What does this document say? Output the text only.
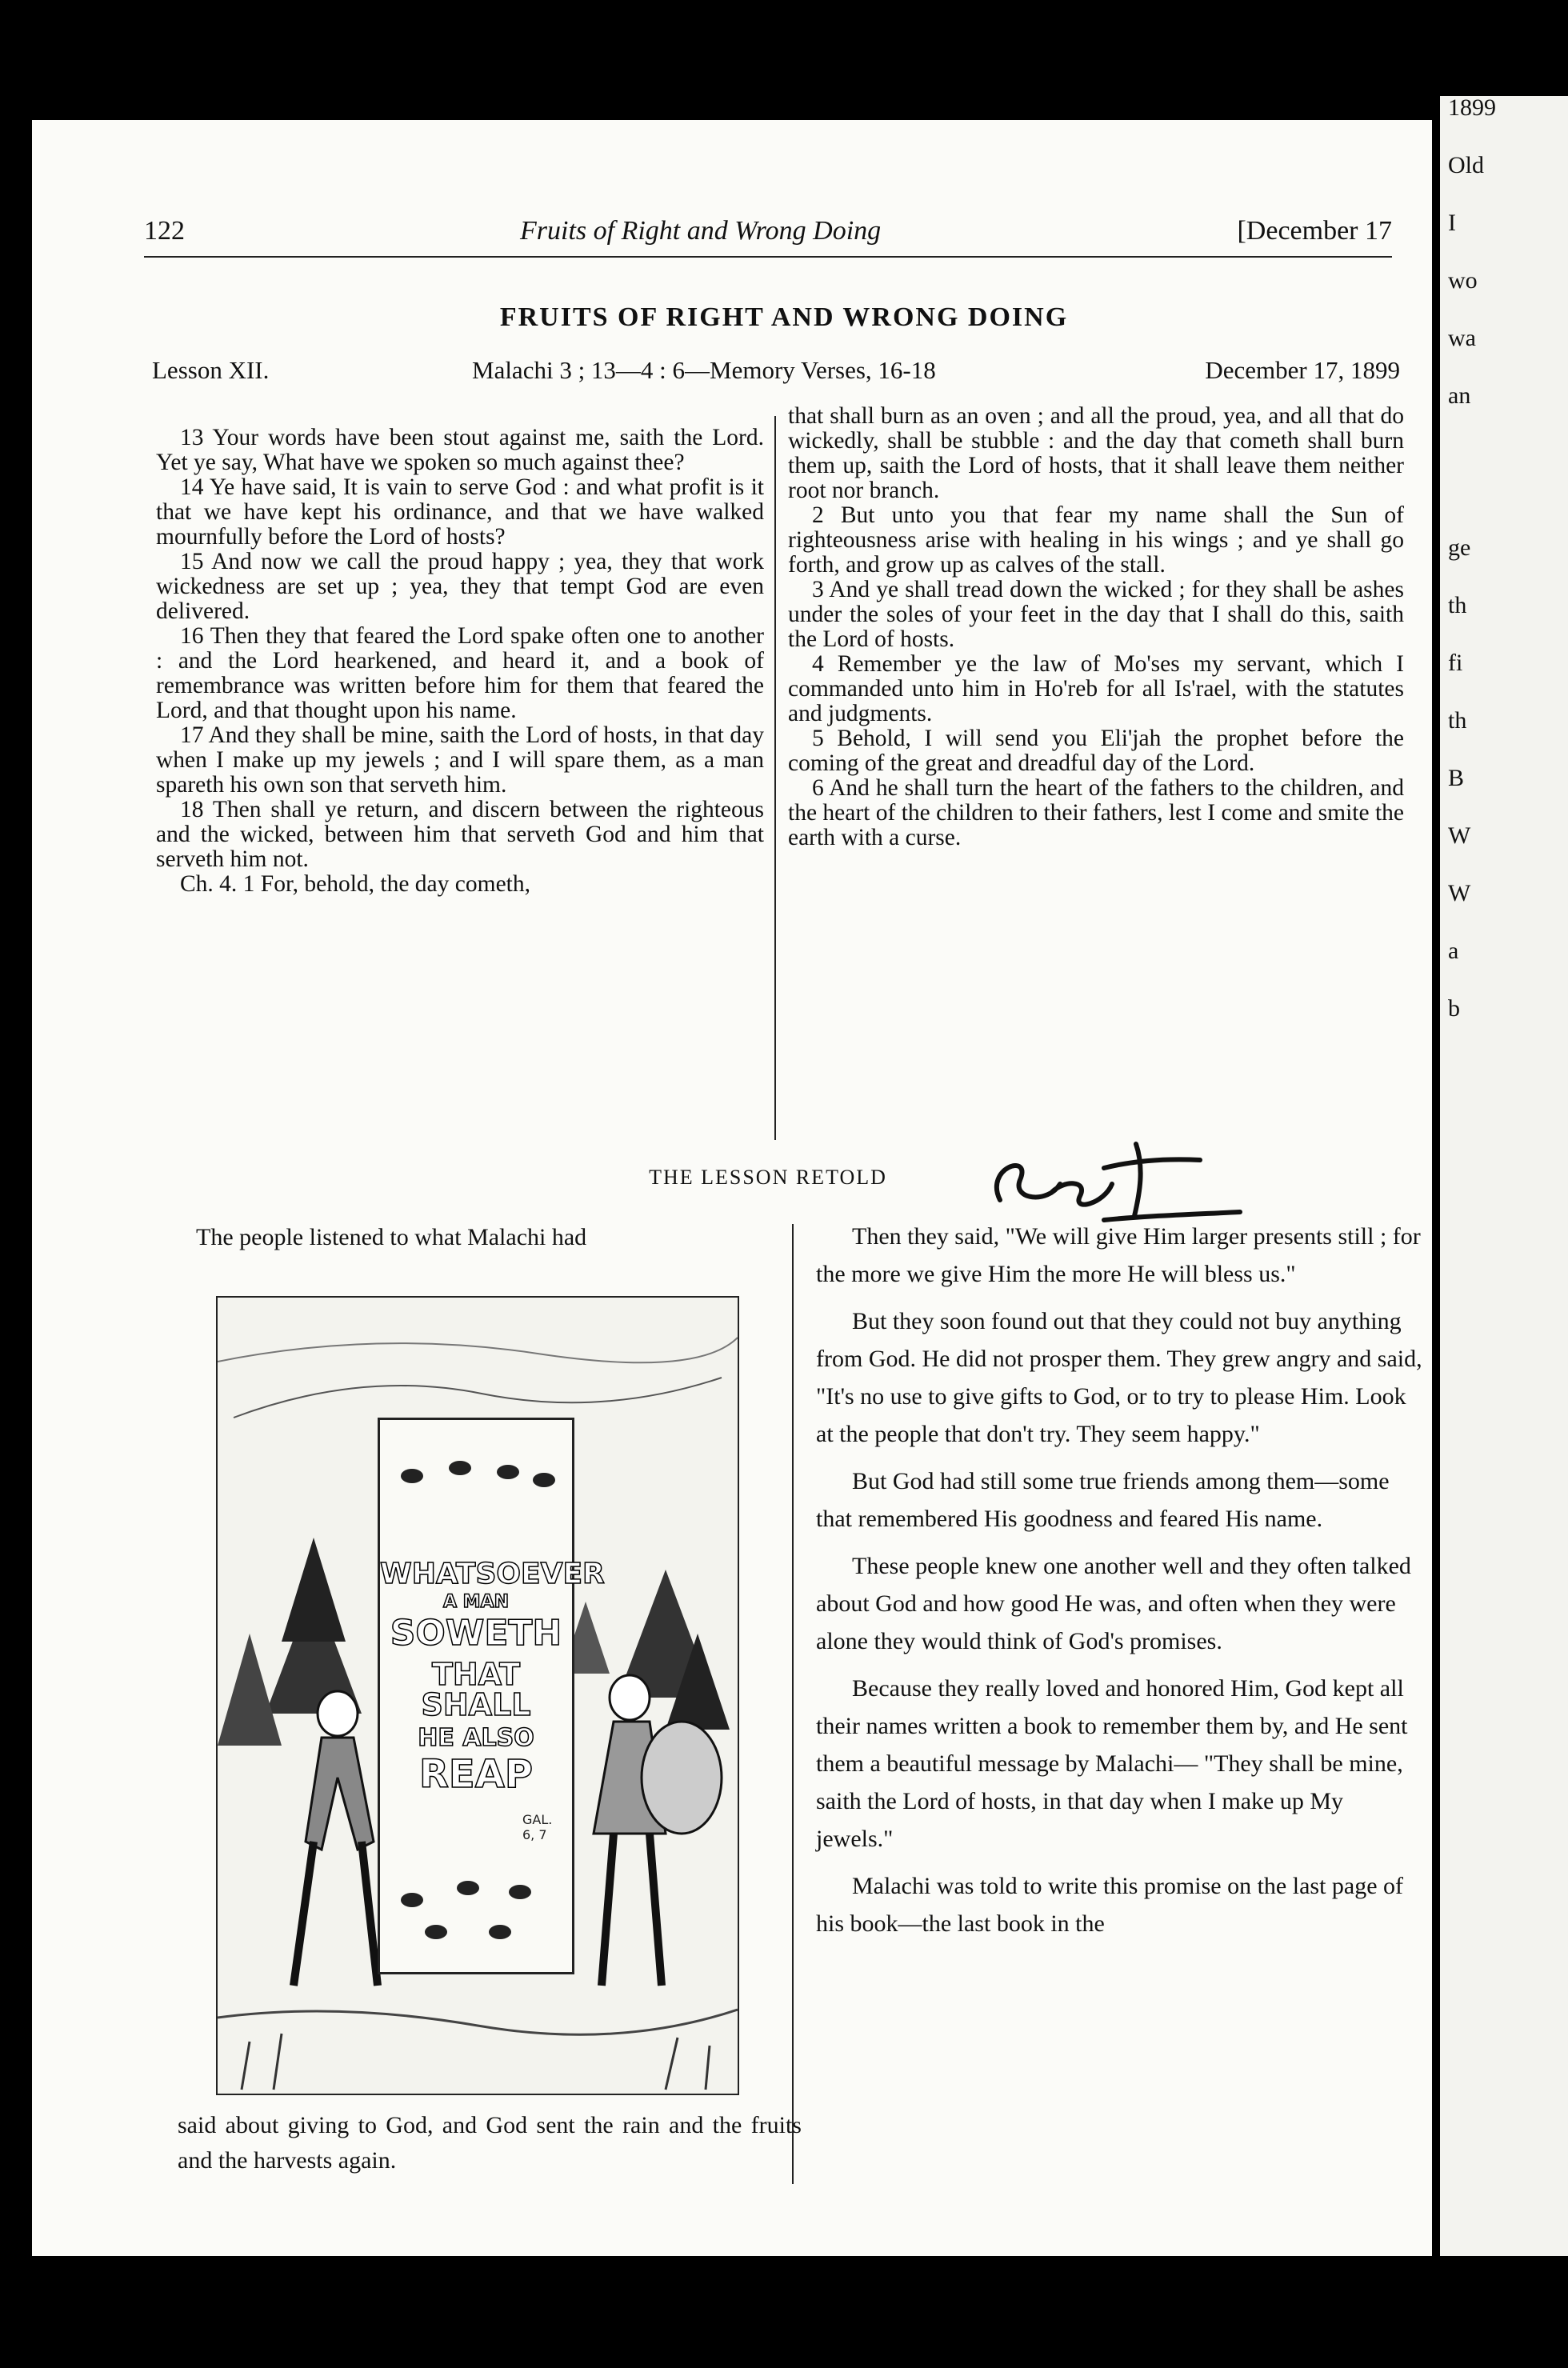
1899
Old
I
wo
wa
an
ge
th
fi
th
B
W
W
a
b
122	Fruits of Right and Wrong Doing	[December 17
FRUITS OF RIGHT AND WRONG DOING
Lesson XII.	Malachi 3 ; 13—4 : 6—Memory Verses, 16-18	December 17, 1899

13 Your words have been stout against me, saith the Lord. Yet ye say, What have we spoken so much against thee?

14 Ye have said, It is vain to serve God : and what profit is it that we have kept his ordinance, and that we have walked mournfully before the Lord of hosts?

15 And now we call the proud happy ; yea, they that work wickedness are set up ; yea, they that tempt God are even delivered.

16 Then they that feared the Lord spake often one to another : and the Lord hearkened, and heard it, and a book of remembrance was written before him for them that feared the Lord, and that thought upon his name.

17 And they shall be mine, saith the Lord of hosts, in that day when I make up my jewels ; and I will spare them, as a man spareth his own son that serveth him.

18 Then shall ye return, and discern between the righteous and the wicked, between him that serveth God and him that serveth him not.

Ch. 4. 1 For, behold, the day cometh,

that shall burn as an oven ; and all the proud, yea, and all that do wickedly, shall be stubble : and the day that cometh shall burn them up, saith the Lord of hosts, that it shall leave them neither root nor branch.

2 But unto you that fear my name shall the Sun of righteousness arise with healing in his wings ; and ye shall go forth, and grow up as calves of the stall.

3 And ye shall tread down the wicked ; for they shall be ashes under the soles of your feet in the day that I shall do this, saith the Lord of hosts.

4 Remember ye the law of Mo'ses my servant, which I commanded unto him in Ho'reb for all Is'rael, with the statutes and judgments.

5 Behold, I will send you Eli'jah the prophet before the coming of the great and dreadful day of the Lord.

6 And he shall turn the heart of the fathers to the children, and the heart of the children to their fathers, lest I come and smite the earth with a curse.

THE LESSON RETOLD
See T
The people listened to what Malachi had
WHATSOEVER
A MAN
SOWETH
THAT SHALL
HE ALSO
REAP
GAL.
6, 7
said about giving to God, and God sent the rain and the fruits and the harvests again.

Then they said, "We will give Him larger presents still ; for the more we give Him the more He will bless us."

But they soon found out that they could not buy anything from God. He did not prosper them. They grew angry and said, "It's no use to give gifts to God, or to try to please Him. Look at the people that don't try. They seem happy."

But God had still some true friends among them—some that remembered His goodness and feared His name.

These people knew one another well and they often talked about God and how good He was, and often when they were alone they would think of God's promises.

Because they really loved and honored Him, God kept all their names written a book to remember them by, and He sent them a beautiful message by Malachi— "They shall be mine, saith the Lord of hosts, in that day when I make up My jewels."

Malachi was told to write this promise on the last page of his book—the last book in the
